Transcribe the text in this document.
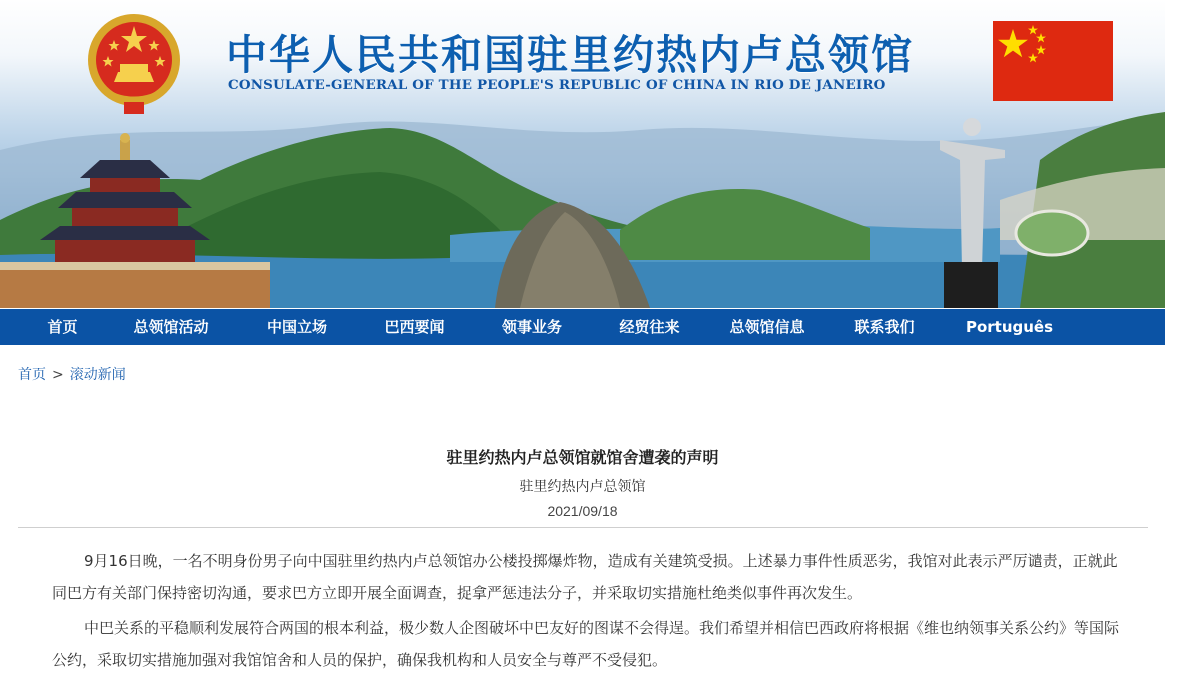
中华人民共和国驻里约热内卢总领馆
CONSULATE-GENERAL OF THE PEOPLE'S REPUBLIC OF CHINA IN RIO DE JANEIRO
首页	总领馆活动	中国立场	巴西要闻	领事业务	经贸往来	总领馆信息	联系我们	Português
首页 > 滚动新闻
驻里约热内卢总领馆就馆舍遭袭的声明
驻里约热内卢总领馆
2021/09/18

9月16日晚，一名不明身份男子向中国驻里约热内卢总领馆办公楼投掷爆炸物，造成有关建筑受损。上述暴力事件性质恶劣，我馆对此表示严厉谴责，正就此同巴方有关部门保持密切沟通，要求巴方立即开展全面调查，捉拿严惩违法分子，并采取切实措施杜绝类似事件再次发生。

中巴关系的平稳顺利发展符合两国的根本利益，极少数人企图破坏中巴友好的图谋不会得逞。我们希望并相信巴西政府将根据《维也纳领事关系公约》等国际公约，采取切实措施加强对我馆馆舍和人员的保护，确保我机构和人员安全与尊严不受侵犯。
